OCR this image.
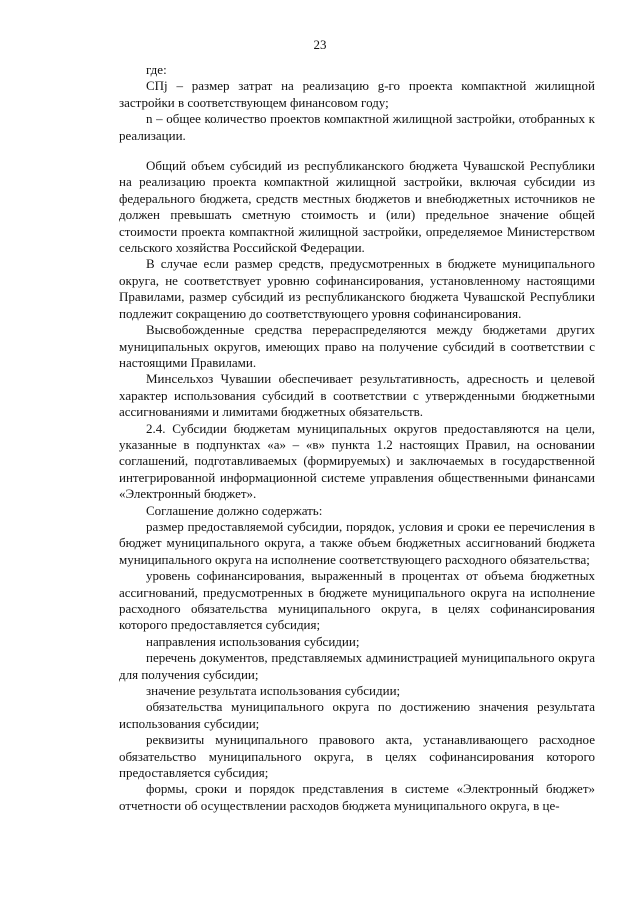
23

где:

СПj – размер затрат на реализацию g-го проекта компактной жилищной застройки в соответствующем финансовом году;

n – общее количество проектов компактной жилищной застройки, отобранных к реализации.

Общий объем субсидий из республиканского бюджета Чувашской Республики на реализацию проекта компактной жилищной застройки, включая субсидии из федерального бюджета, средств местных бюджетов и внебюджетных источников не должен превышать сметную стоимость и (или) предельное значение общей стоимости проекта компактной жилищной застройки, определяемое Министерством сельского хозяйства Российской Федерации.

В случае если размер средств, предусмотренных в бюджете муниципального округа, не соответствует уровню софинансирования, установленному настоящими Правилами, размер субсидий из республиканского бюджета Чувашской Республики подлежит сокращению до соответствующего уровня софинансирования.

Высвобожденные средства перераспределяются между бюджетами других муниципальных округов, имеющих право на получение субсидий в соответствии с настоящими Правилами.

Минсельхоз Чувашии обеспечивает результативность, адресность и целевой характер использования субсидий в соответствии с утвержденными бюджетными ассигнованиями и лимитами бюджетных обязательств.

2.4. Субсидии бюджетам муниципальных округов предоставляются на цели, указанные в подпунктах «а» – «в» пункта 1.2 настоящих Правил, на основании соглашений, подготавливаемых (формируемых) и заключаемых в государственной интегрированной информационной системе управления общественными финансами «Электронный бюджет».

Соглашение должно содержать:

размер предоставляемой субсидии, порядок, условия и сроки ее перечисления в бюджет муниципального округа, а также объем бюджетных ассигнований бюджета муниципального округа на исполнение соответствующего расходного обязательства;

уровень софинансирования, выраженный в процентах от объема бюджетных ассигнований, предусмотренных в бюджете муниципального округа на исполнение расходного обязательства муниципального округа, в целях софинансирования которого предоставляется субсидия;

направления использования субсидии;

перечень документов, представляемых администрацией муниципального округа для получения субсидии;

значение результата использования субсидии;

обязательства муниципального округа по достижению значения результата использования субсидии;

реквизиты муниципального правового акта, устанавливающего расходное обязательство муниципального округа, в целях софинансирования которого предоставляется субсидия;

формы, сроки и порядок представления в системе «Электронный бюджет» отчетности об осуществлении расходов бюджета муниципального округа, в це-
